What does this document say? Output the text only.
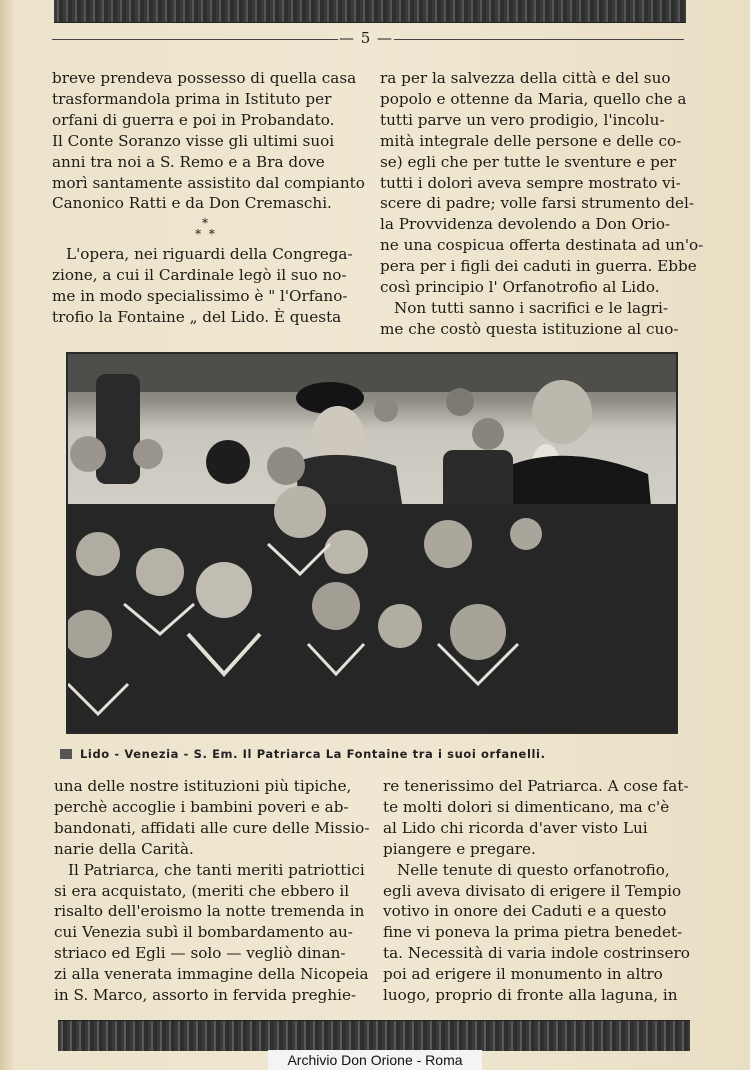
— 5 —
breve prendeva possesso di quella casa
trasformandola prima in Istituto per
orfani di guerra e poi in Probandato.
Il Conte Soranzo visse gli ultimi suoi
anni tra noi a S. Remo e a Bra dove
morì santamente assistito dal compianto
Canonico Ratti e da Don Cremaschi.
*
* *
L'opera, nei riguardi della Congrega-
zione, a cui il Cardinale legò il suo no-
me in modo specialissimo è " l'Orfano-
trofio la Fontaine „ del Lido. È questa
ra per la salvezza della città e del suo
popolo e ottenne da Maria, quello che a
tutti parve un vero prodigio, l'incolu-
mità integrale delle persone e delle co-
se) egli che per tutte le sventure e per
tutti i dolori aveva sempre mostrato vi-
scere di padre; volle farsi strumento del-
la Provvidenza devolendo a Don Orio-
ne una cospicua offerta destinata ad un'o-
pera per i figli dei caduti in guerra. Ebbe
così principio l' Orfanotrofio al Lido.
Non tutti sanno i sacrifici e le lagri-
me che costò questa istituzione al cuo-
Lido - Venezia - S. Em. Il Patriarca La Fontaine tra i suoi orfanelli.
una delle nostre istituzioni più tipiche,
perchè accoglie i bambini poveri e ab-
bandonati, affidati alle cure delle Missio-
narie della Carità.
Il Patriarca, che tanti meriti patriottici
si era acquistato, (meriti che ebbero il
risalto dell'eroismo la notte tremenda in
cui Venezia subì il bombardamento au-
striaco ed Egli — solo — vegliò dinan-
zi alla venerata immagine della Nicopeia
in S. Marco, assorto in fervida preghie-
re tenerissimo del Patriarca. A cose fat-
te molti dolori si dimenticano, ma c'è
al Lido chi ricorda d'aver visto Lui
piangere e pregare.
Nelle tenute di questo orfanotrofio,
egli aveva divisato di erigere il Tempio
votivo in onore dei Caduti e a questo
fine vi poneva la prima pietra benedet-
ta. Necessità di varia indole costrinsero
poi ad erigere il monumento in altro
luogo, proprio di fronte alla laguna, in
Archivio Don Orione - Roma
